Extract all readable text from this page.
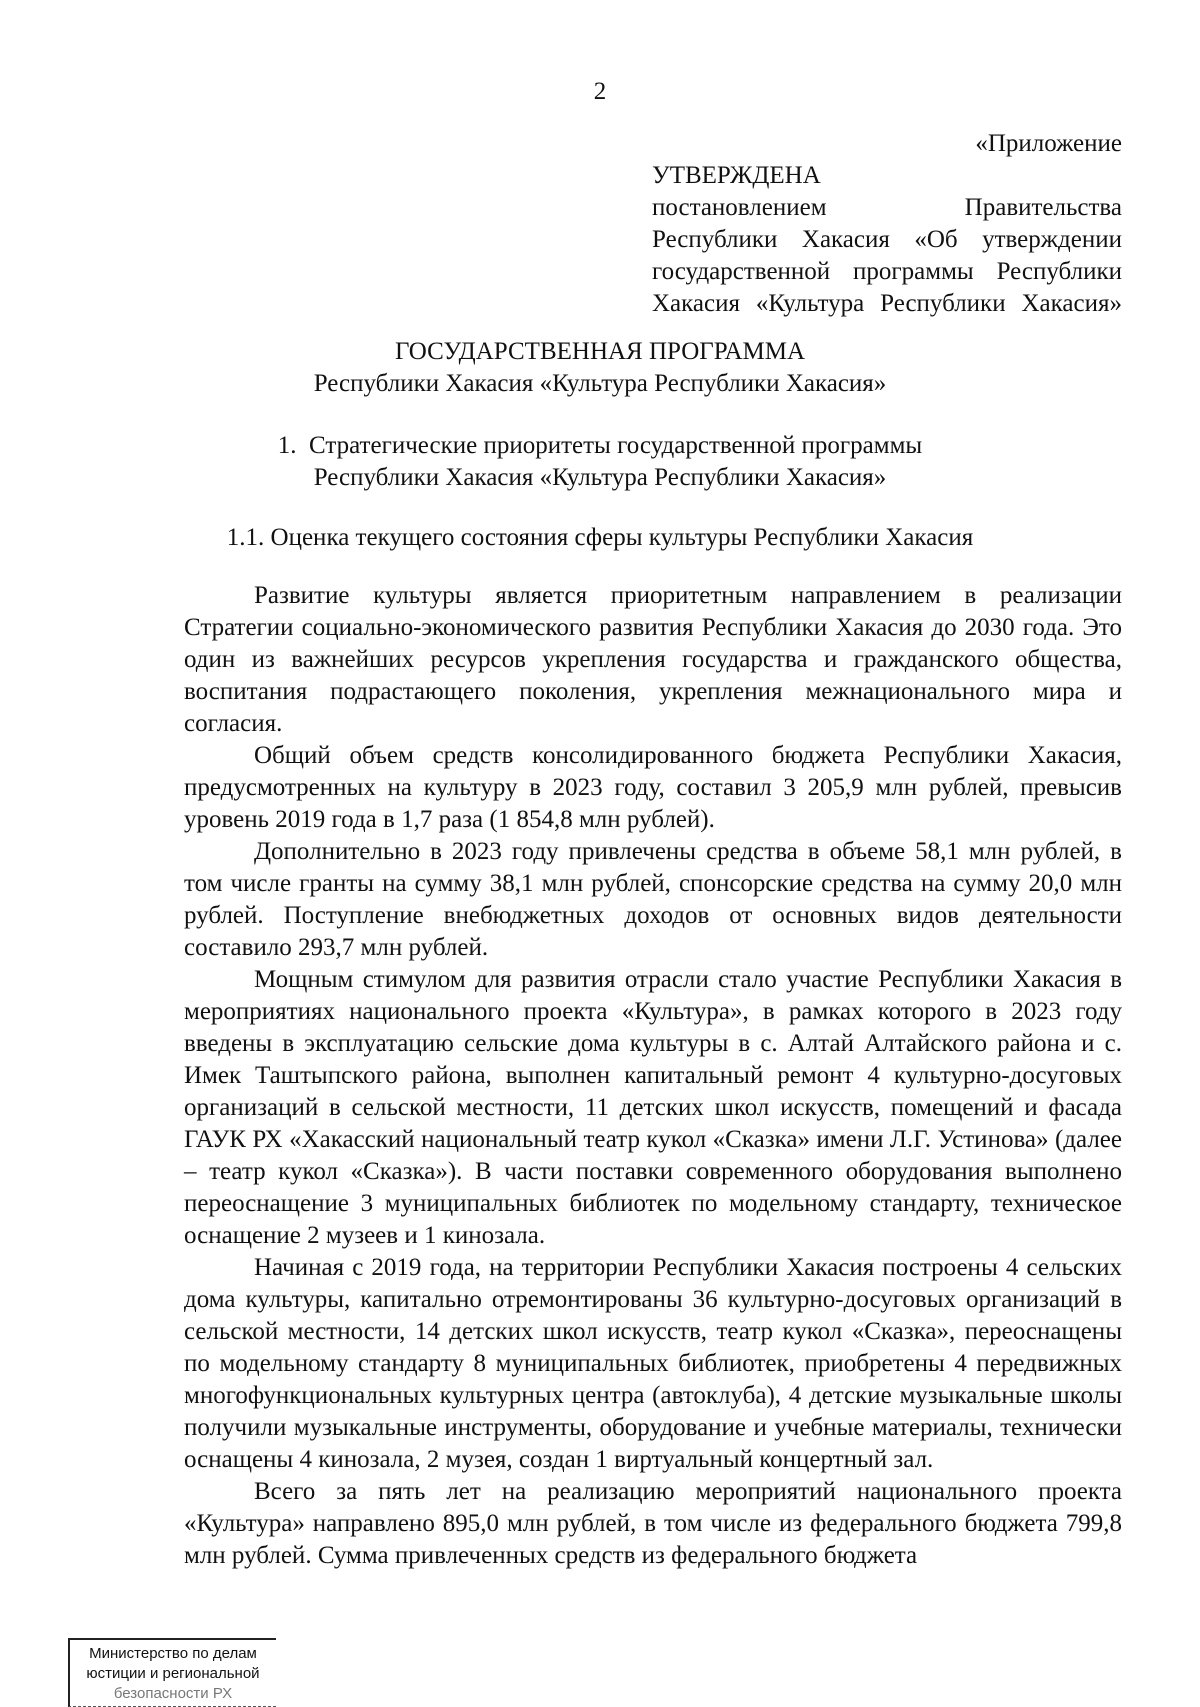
2
«Приложение
УТВЕРЖДЕНА
постановлением Правительства
Республики Хакасия «Об утверждении
государственной программы Республики
Хакасия «Культура Республики Хакасия»
ГОСУДАРСТВЕННАЯ ПРОГРАММА
Республики Хакасия «Культура Республики Хакасия»
1.  Стратегические приоритеты государственной программы
Республики Хакасия «Культура Республики Хакасия»
1.1. Оценка текущего состояния сферы культуры Республики Хакасия

Развитие культуры является приоритетным направлением в реализации Стратегии социально-экономического развития Республики Хакасия до 2030 года. Это один из важнейших ресурсов укрепления государства и гражданского общества, воспитания подрастающего поколения, укрепления межнационального мира и согласия.

Общий объем средств консолидированного бюджета Республики Хакасия, предусмотренных на культуру в 2023 году, составил 3 205,9 млн рублей, превысив уровень 2019 года в 1,7 раза (1 854,8 млн рублей).

Дополнительно в 2023 году привлечены средства в объеме 58,1 млн рублей, в том числе гранты на сумму 38,1 млн рублей, спонсорские средства на сумму 20,0 млн рублей. Поступление внебюджетных доходов от основных видов деятельности составило 293,7 млн рублей.

Мощным стимулом для развития отрасли стало участие Республики Хакасия в мероприятиях национального проекта «Культура», в рамках которого в 2023 году введены в эксплуатацию сельские дома культуры в с. Алтай Алтайского района и с. Имек Таштыпского района, выполнен капитальный ремонт 4 культурно-досуговых организаций в сельской местности, 11 детских школ искусств, помещений и фасада ГАУК РХ «Хакасский национальный театр кукол «Сказка» имени Л.Г. Устинова» (далее – театр кукол «Сказка»). В части поставки современного оборудования выполнено переоснащение 3 муниципальных библиотек по модельному стандарту, техническое оснащение 2 музеев и 1 кинозала.

Начиная с 2019 года, на территории Республики Хакасия построены 4 сельских дома культуры, капитально отремонтированы 36 культурно-досуговых организаций в сельской местности, 14 детских школ искусств, театр кукол «Сказка», переоснащены по модельному стандарту 8 муниципальных библиотек, приобретены 4 передвижных многофункциональных культурных центра (автоклуба), 4 детские музыкальные школы получили музыкальные инструменты, оборудование и учебные материалы, технически оснащены 4 кинозала, 2 музея, создан 1 виртуальный концертный зал.

Всего за пять лет на реализацию мероприятий национального проекта «Культура» направлено 895,0 млн рублей, в том числе из федерального бюджета 799,8 млн рублей. Сумма привлеченных средств из федерального бюджета

Министерство по делам
юстиции и региональной
безопасности РХ
